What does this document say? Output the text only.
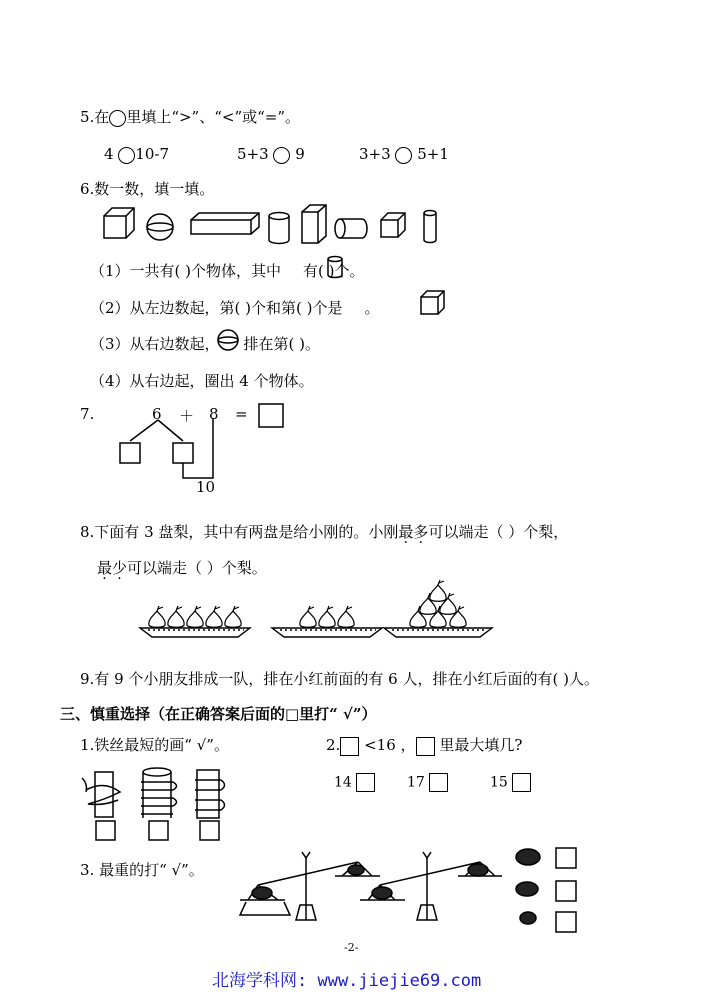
5.在 里填上“>”、“<”或“=”。
4 10-7	5+3 9	3+3 5+1
6.数一数，填一填。
（1）一共有( )个物体，其中 有( )个。
（2）从左边数起，第( )个和第( )个是 。
（3）从右边数起， 排在第( )。
（4）从右边起，圈出 4 个物体。
7.	6 ＋ 8 =
10
8.下面有 3 盘梨，其中有两盘是给小刚的。小刚最多可以端走（ ）个梨，
最少可以端走（ ）个梨。
9.有 9 个小朋友排成一队，排在小红前面的有 6 人，排在小红后面的有( )人。
三、慎重选择（在正确答案后面的□里打“ √”）
1.铁丝最短的画“ √”。	2. <16 ， 里最大填几?
14	17	15
3. 最重的打“ √”。
-2-
北海学科网: www.jiejie69.com
